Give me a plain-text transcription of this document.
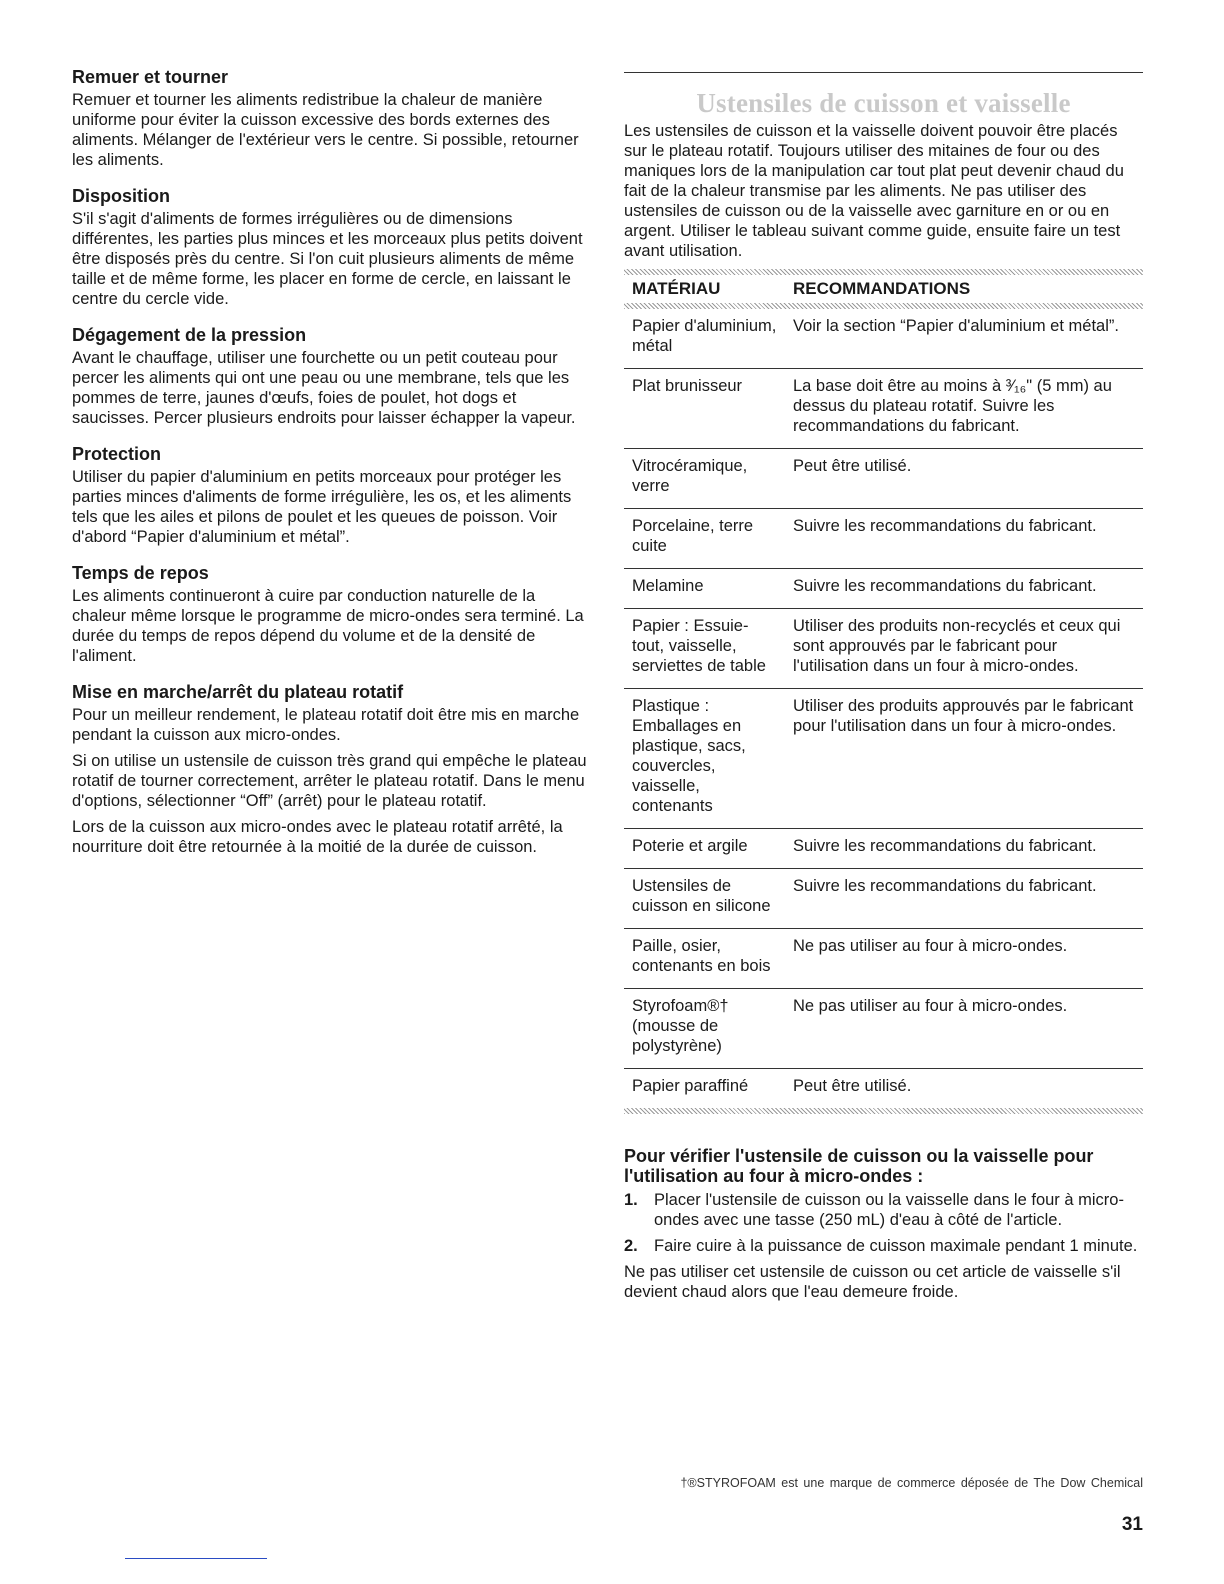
Remuer et tourner

Remuer et tourner les aliments redistribue la chaleur de manière uniforme pour éviter la cuisson excessive des bords externes des aliments. Mélanger de l'extérieur vers le centre. Si possible, retourner les aliments.

Disposition

S'il s'agit d'aliments de formes irrégulières ou de dimensions différentes, les parties plus minces et les morceaux plus petits doivent être disposés près du centre. Si l'on cuit plusieurs aliments de même taille et de même forme, les placer en forme de cercle, en laissant le centre du cercle vide.

Dégagement de la pression

Avant le chauffage, utiliser une fourchette ou un petit couteau pour percer les aliments qui ont une peau ou une membrane, tels que les pommes de terre, jaunes d'œufs, foies de poulet, hot dogs et saucisses. Percer plusieurs endroits pour laisser échapper la vapeur.

Protection

Utiliser du papier d'aluminium en petits morceaux pour protéger les parties minces d'aliments de forme irrégulière, les os, et les aliments tels que les ailes et pilons de poulet et les queues de poisson. Voir d'abord “Papier d'aluminium et métal”.

Temps de repos

Les aliments continueront à cuire par conduction naturelle de la chaleur même lorsque le programme de micro-ondes sera terminé. La durée du temps de repos dépend du volume et de la densité de l'aliment.

Mise en marche/arrêt du plateau rotatif

Pour un meilleur rendement, le plateau rotatif doit être mis en marche pendant la cuisson aux micro-ondes.

Si on utilise un ustensile de cuisson très grand qui empêche le plateau rotatif de tourner correctement, arrêter le plateau rotatif. Dans le menu d'options, sélectionner “Off” (arrêt) pour le plateau rotatif.

Lors de la cuisson aux micro-ondes avec le plateau rotatif arrêté, la nourriture doit être retournée à la moitié de la durée de cuisson.

Ustensiles de cuisson et vaisselle

Les ustensiles de cuisson et la vaisselle doivent pouvoir être placés sur le plateau rotatif. Toujours utiliser des mitaines de four ou des maniques lors de la manipulation car tout plat peut devenir chaud du fait de la chaleur transmise par les aliments. Ne pas utiliser des ustensiles de cuisson ou de la vaisselle avec garniture en or ou en argent. Utiliser le tableau suivant comme guide, ensuite faire un test avant utilisation.

MATÉRIAU	RECOMMANDATIONS

Papier d'aluminium, métal	Voir la section “Papier d'aluminium et métal”.
Plat brunisseur	La base doit être au moins à ³⁄₁₆" (5 mm) au dessus du plateau rotatif. Suivre les recommandations du fabricant.
Vitrocéramique, verre	Peut être utilisé.
Porcelaine, terre cuite	Suivre les recommandations du fabricant.
Melamine	Suivre les recommandations du fabricant.
Papier : Essuie-tout, vaisselle, serviettes de table	Utiliser des produits non-recyclés et ceux qui sont approuvés par le fabricant pour l'utilisation dans un four à micro-ondes.
Plastique : Emballages en plastique, sacs, couvercles, vaisselle, contenants	Utiliser des produits approuvés par le fabricant pour l'utilisation dans un four à micro-ondes.
Poterie et argile	Suivre les recommandations du fabricant.
Ustensiles de cuisson en silicone	Suivre les recommandations du fabricant.
Paille, osier, contenants en bois	Ne pas utiliser au four à micro-ondes.
Styrofoam®† (mousse de polystyrène)	Ne pas utiliser au four à micro-ondes.
Papier paraffiné	Peut être utilisé.
Pour vérifier l'ustensile de cuisson ou la vaisselle pour l'utilisation au four à micro-ondes :
1. Placer l'ustensile de cuisson ou la vaisselle dans le four à micro-ondes avec une tasse (250 mL) d'eau à côté de l'article.
2. Faire cuire à la puissance de cuisson maximale pendant 1 minute.

Ne pas utiliser cet ustensile de cuisson ou cet article de vaisselle s'il devient chaud alors que l'eau demeure froide.

†®STYROFOAM est une marque de commerce déposée de The Dow Chemical
31
